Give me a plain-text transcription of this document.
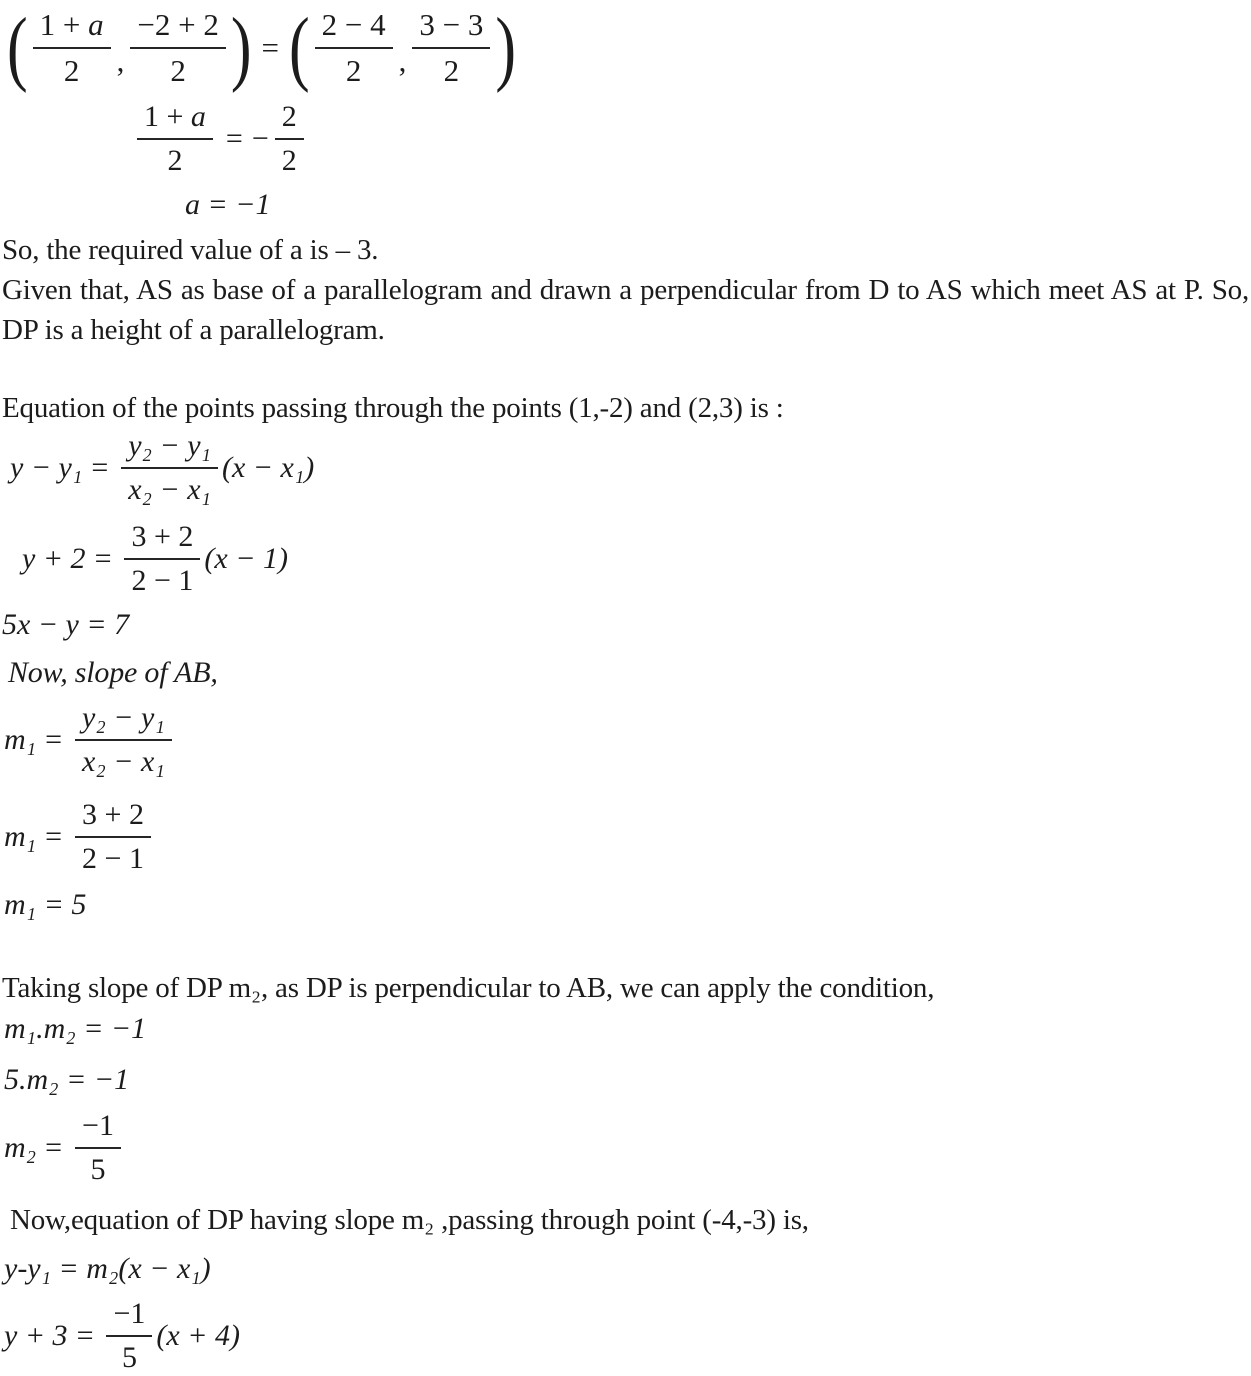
( $\frac{1 + a}{2}$ , $\frac{-2 + 2}{2}$ ) = ( $\frac{2 - 4}{2}$ , $\frac{3 - 3}{2}$ )
$\frac{1 + a}{2}$ = − $\frac{2}{2}$
a = −1

So, the required value of a is – 3.

Given that, AS as base of a parallelogram and drawn a perpendicular from D to AS which meet AS at P. So, DP is a height of a parallelogram.

Equation of the points passing through the points (1,-2) and (2,3) is :

$y - y_1 = \frac{\text{y₂ − y₁}}{\text{x₂ − x₁}} (x - x_1)$
$y + 2 = \frac{3 + 2}{2 - 1} (x - 1)$
5x − y = 7

Now, slope of AB,

$m_1 = \frac{\text{y₂ − y₁}}{\text{x₂ − x₁}}$
$m_1 = \frac{3 + 2}{2 - 1}$
m₁ = 5

Taking slope of DP m₂, as DP is perpendicular to AB, we can apply the condition,

m₁.m₂ = −1
5.m₂ = −1
$m_2 = \frac{-1}{5}$

Now,equation of DP having slope m₂ ,passing through point (-4,-3) is,

y-y₁ = m₂(x − x₁)
$y + 3 = \frac{-1}{5} (x + 4)$
